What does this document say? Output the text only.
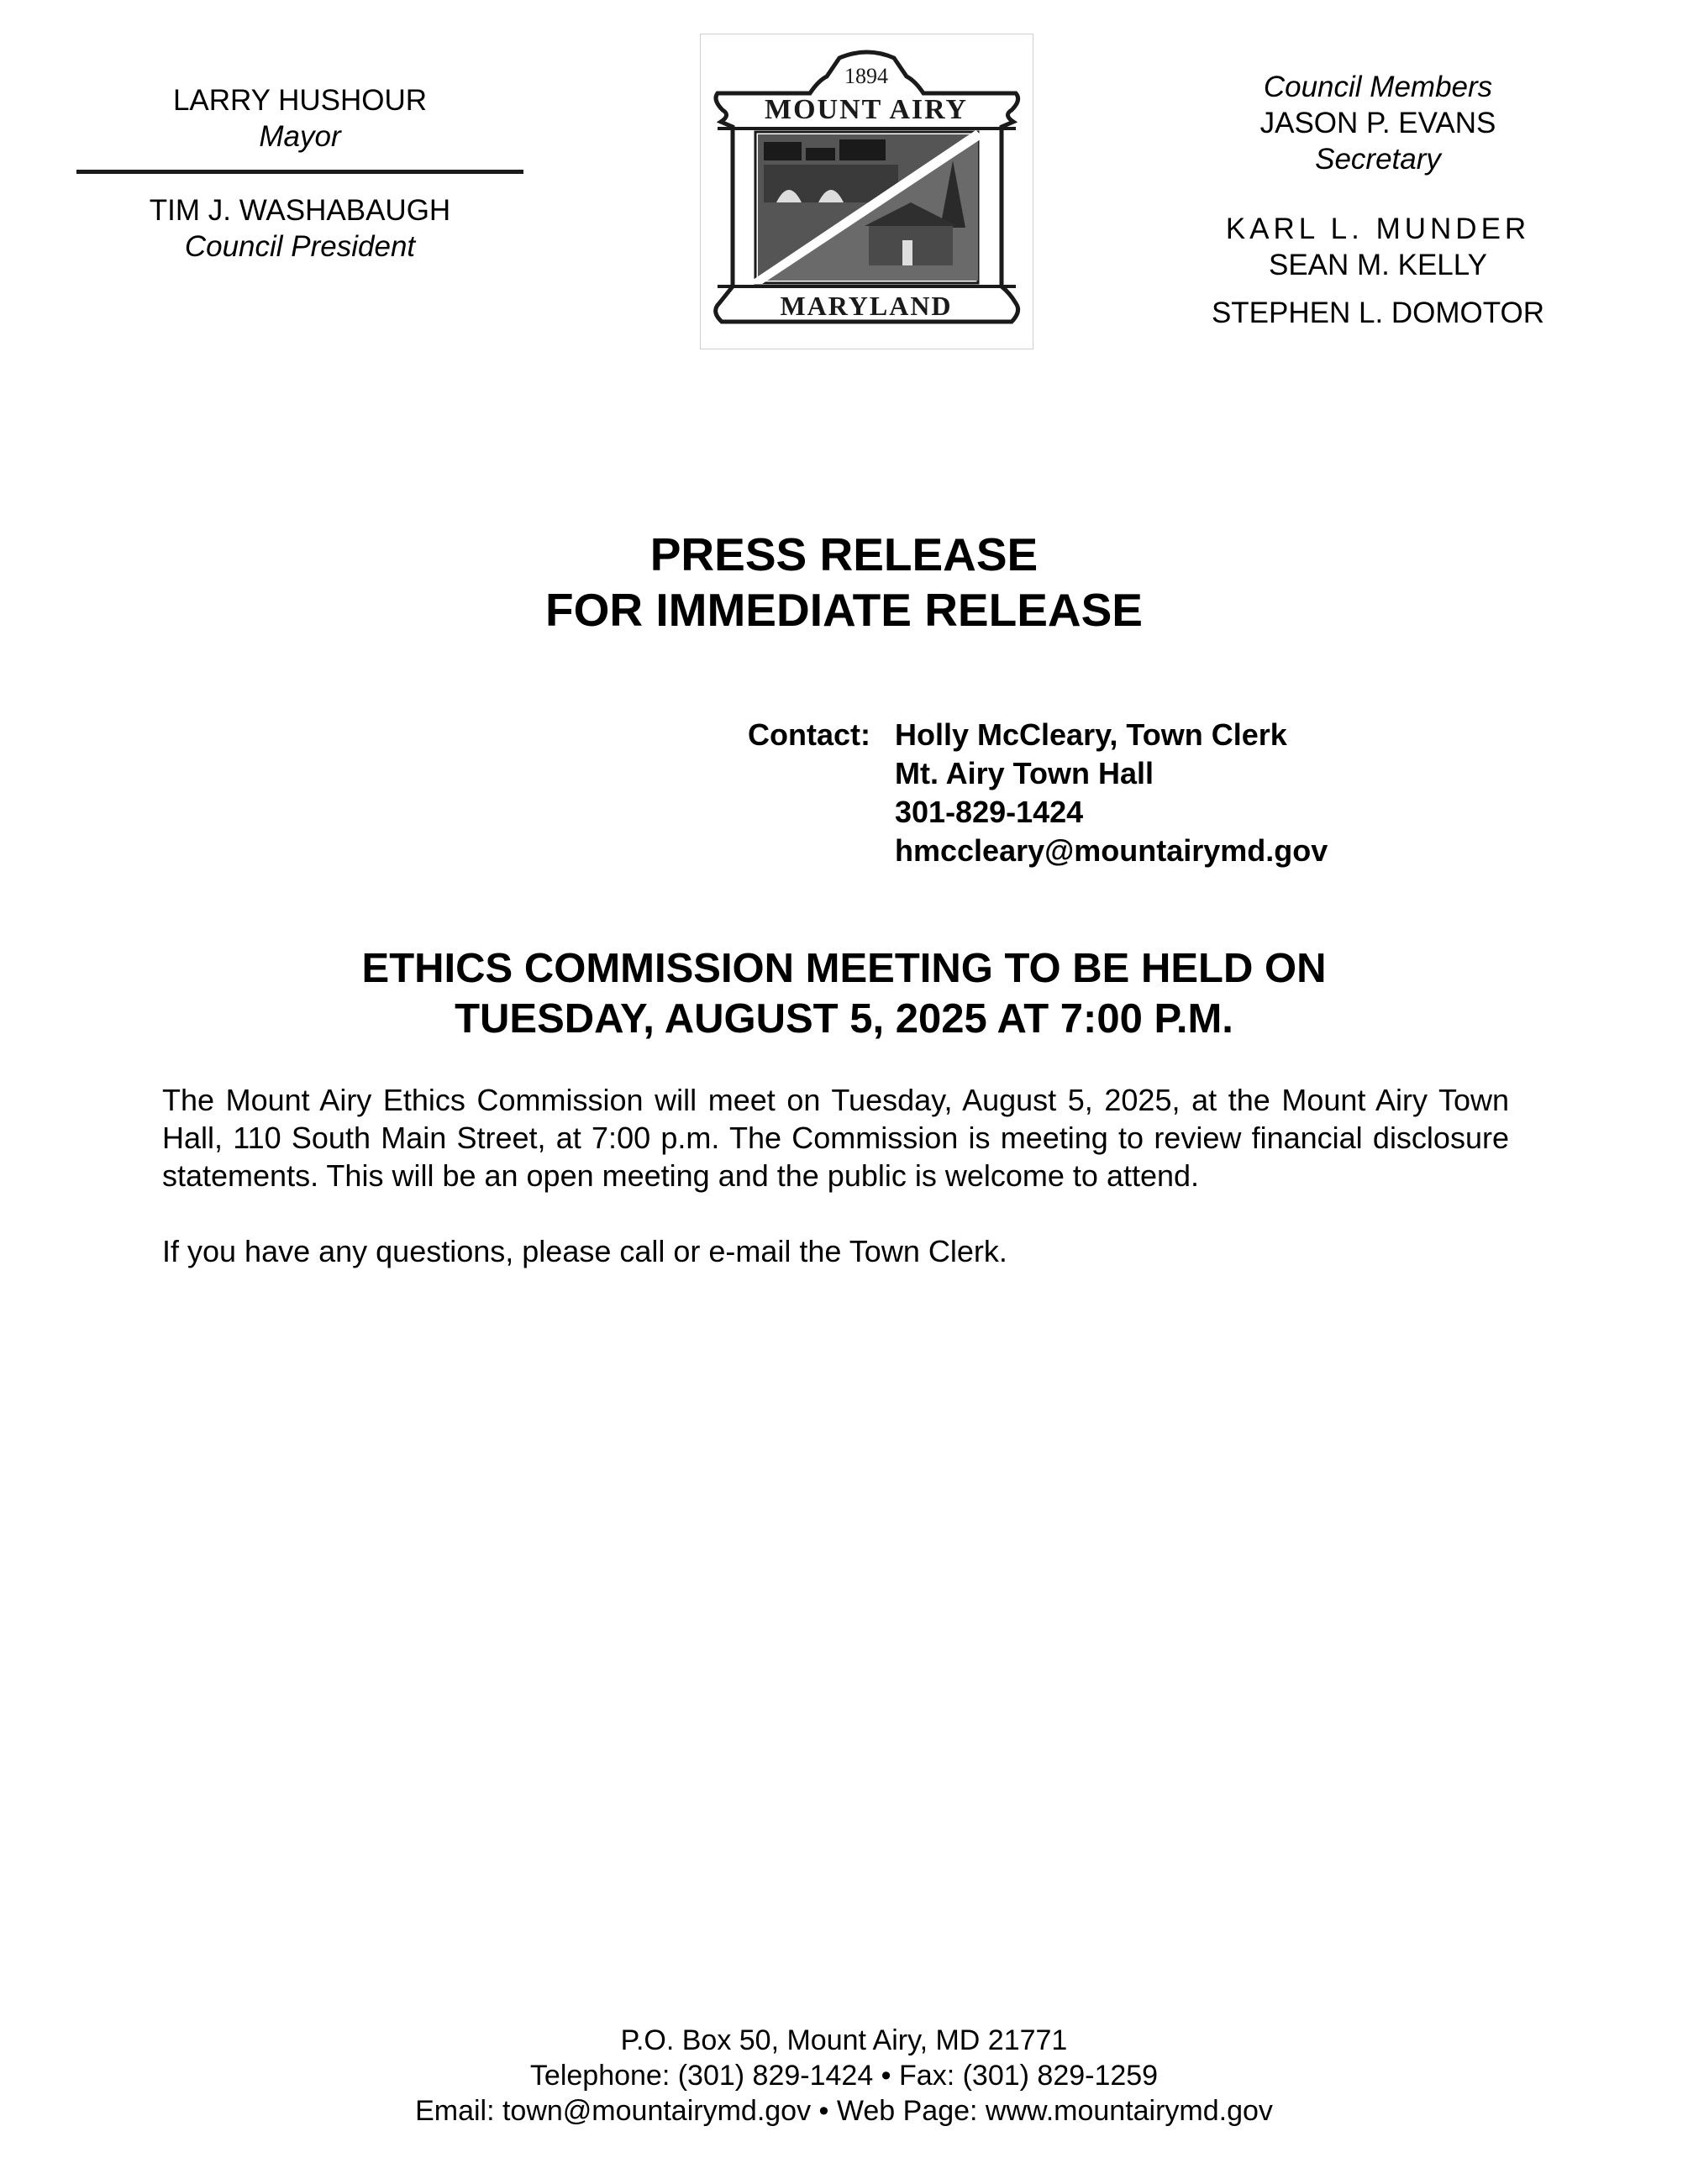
LARRY HUSHOUR
Mayor
TIM J. WASHABAUGH
Council President
1894
MOUNT AIRY
MARYLAND
Council Members
JASON P. EVANS
Secretary
KARL L. MUNDER
SEAN M. KELLY
STEPHEN L. DOMOTOR
PRESS RELEASE
FOR IMMEDIATE RELEASE
Contact: Holly McCleary, Town Clerk
Mt. Airy Town Hall
301-829-1424
hmccleary@mountairymd.gov
ETHICS COMMISSION MEETING TO BE HELD ON
TUESDAY, AUGUST 5, 2025 AT 7:00 P.M.

The Mount Airy Ethics Commission will meet on Tuesday, August 5, 2025, at the Mount Airy Town Hall, 110 South Main Street, at 7:00 p.m. The Commission is meeting to review financial disclosure statements. This will be an open meeting and the public is welcome to attend.

If you have any questions, please call or e-mail the Town Clerk.

P.O. Box 50, Mount Airy, MD 21771
Telephone: (301) 829-1424 • Fax: (301) 829-1259
Email: town@mountairymd.gov • Web Page: www.mountairymd.gov
